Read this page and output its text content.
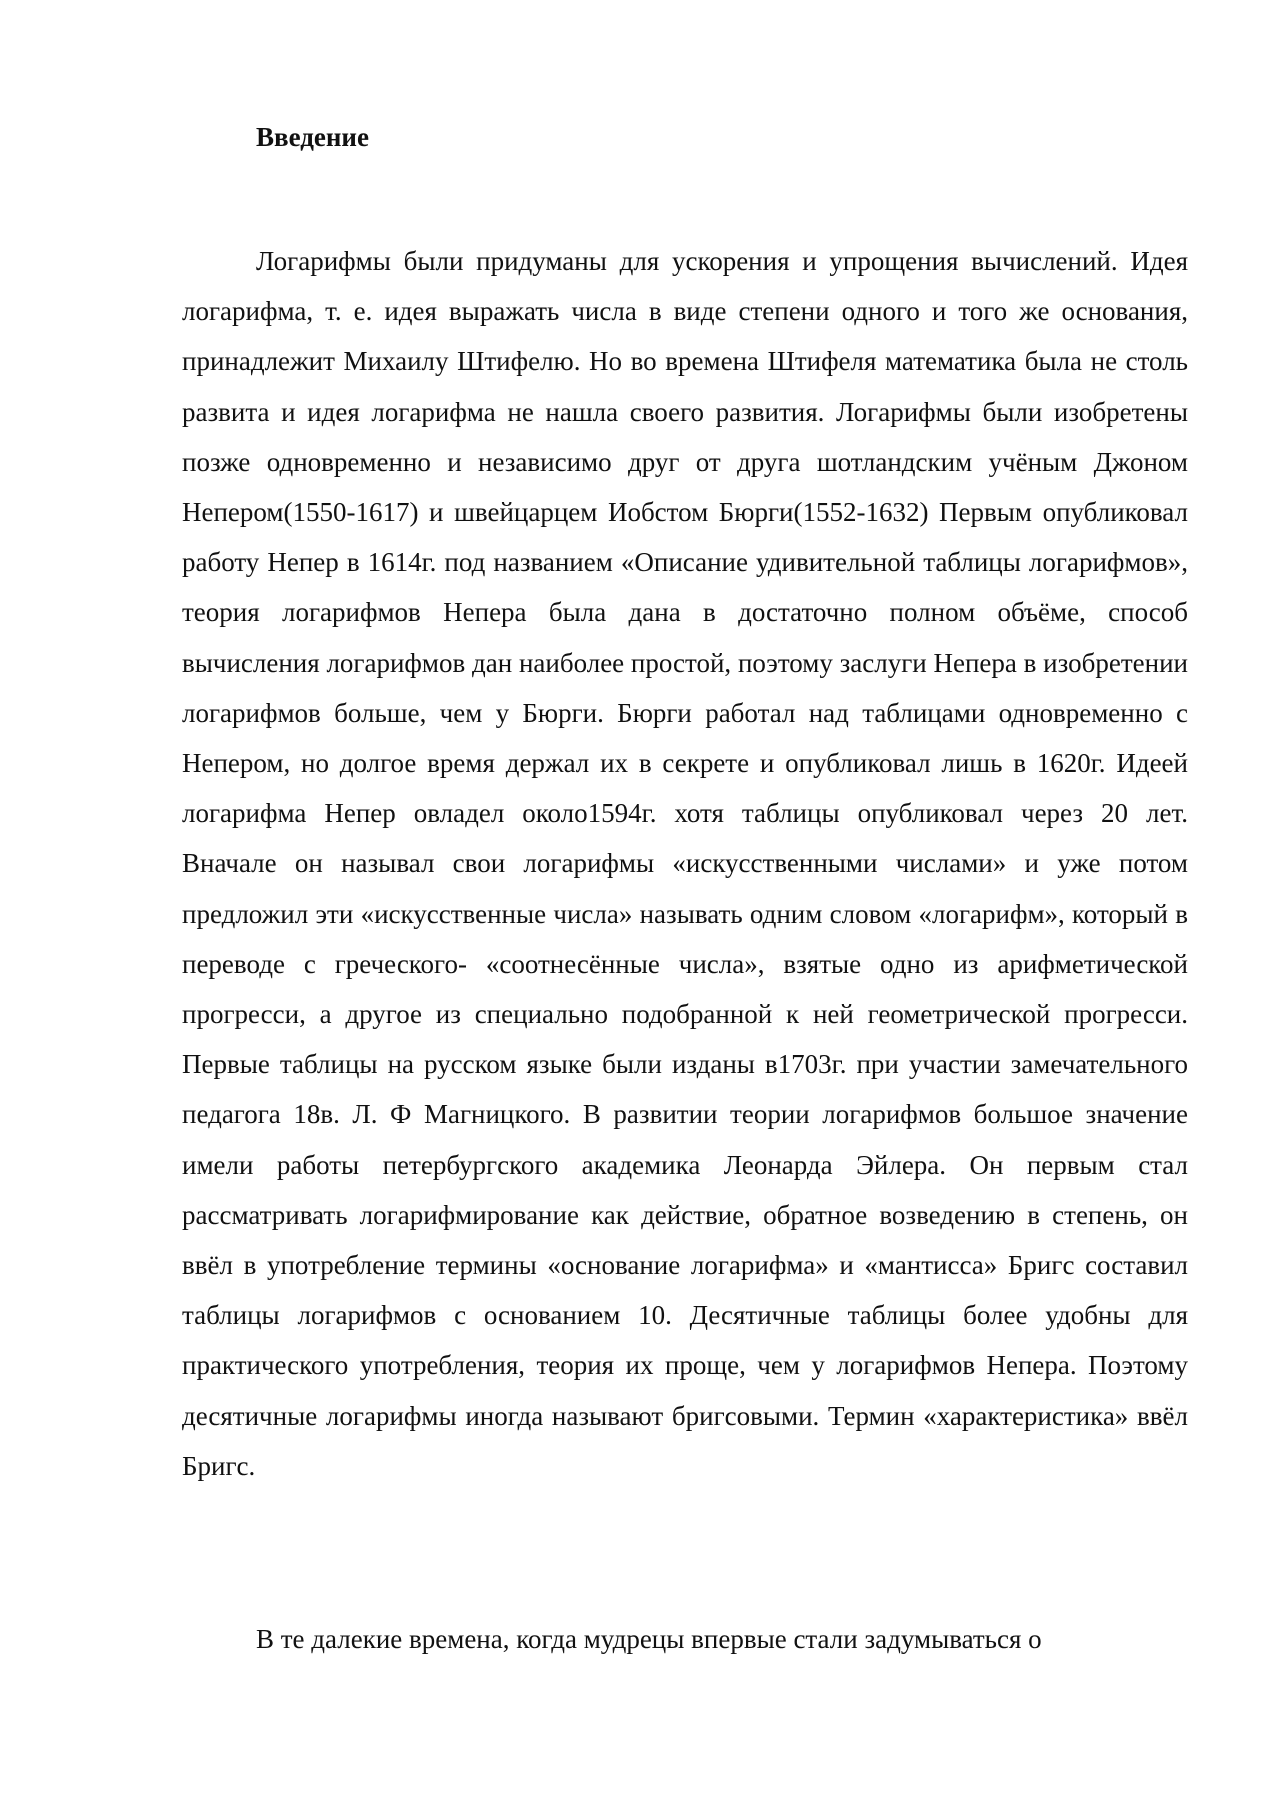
Введение

Логарифмы были придуманы для ускорения и упрощения вычислений. Идея логарифма, т. е. идея выражать числа в виде степени одного и того же основания, принадлежит Михаилу Штифелю. Но во времена Штифеля математика была не столь развита и идея логарифма не нашла своего развития. Логарифмы были изобретены позже одновременно и независимо друг от друга шотландским учёным Джоном Непером(1550-1617) и швейцарцем Иобстом Бюрги(1552-1632) Первым опубликовал работу Непер в 1614г. под названием «Описание удивительной таблицы логарифмов», теория логарифмов Непера была дана в достаточно полном объёме, способ вычисления логарифмов дан наиболее простой, поэтому заслуги Непера в изобретении логарифмов больше, чем у Бюрги. Бюрги работал над таблицами одновременно с Непером, но долгое время держал их в секрете и опубликовал лишь в 1620г. Идеей логарифма Непер овладел около1594г. хотя таблицы опубликовал через 20 лет. Вначале он называл свои логарифмы «искусственными числами» и уже потом предложил эти «искусственные числа» называть одним словом «логарифм», который в переводе с греческого- «соотнесённые числа», взятые одно из арифметической прогресси, а другое из специально подобранной к ней геометрической прогресси. Первые таблицы на русском языке были изданы в1703г. при участии замечательного педагога 18в. Л. Ф Магницкого. В развитии теории логарифмов большое значение имели работы петербургского академика Леонарда Эйлера. Он первым стал рассматривать логарифмирование как действие, обратное возведению в степень, он ввёл в употребление термины «основание логарифма» и «мантисса» Бригс составил таблицы логарифмов с основанием 10. Десятичные таблицы более удобны для практического употребления, теория их проще, чем у логарифмов Непера. Поэтому десятичные логарифмы иногда называют бригсовыми. Термин «характеристика» ввёл Бригс.

В те далекие времена, когда мудрецы впервые стали задумываться о
